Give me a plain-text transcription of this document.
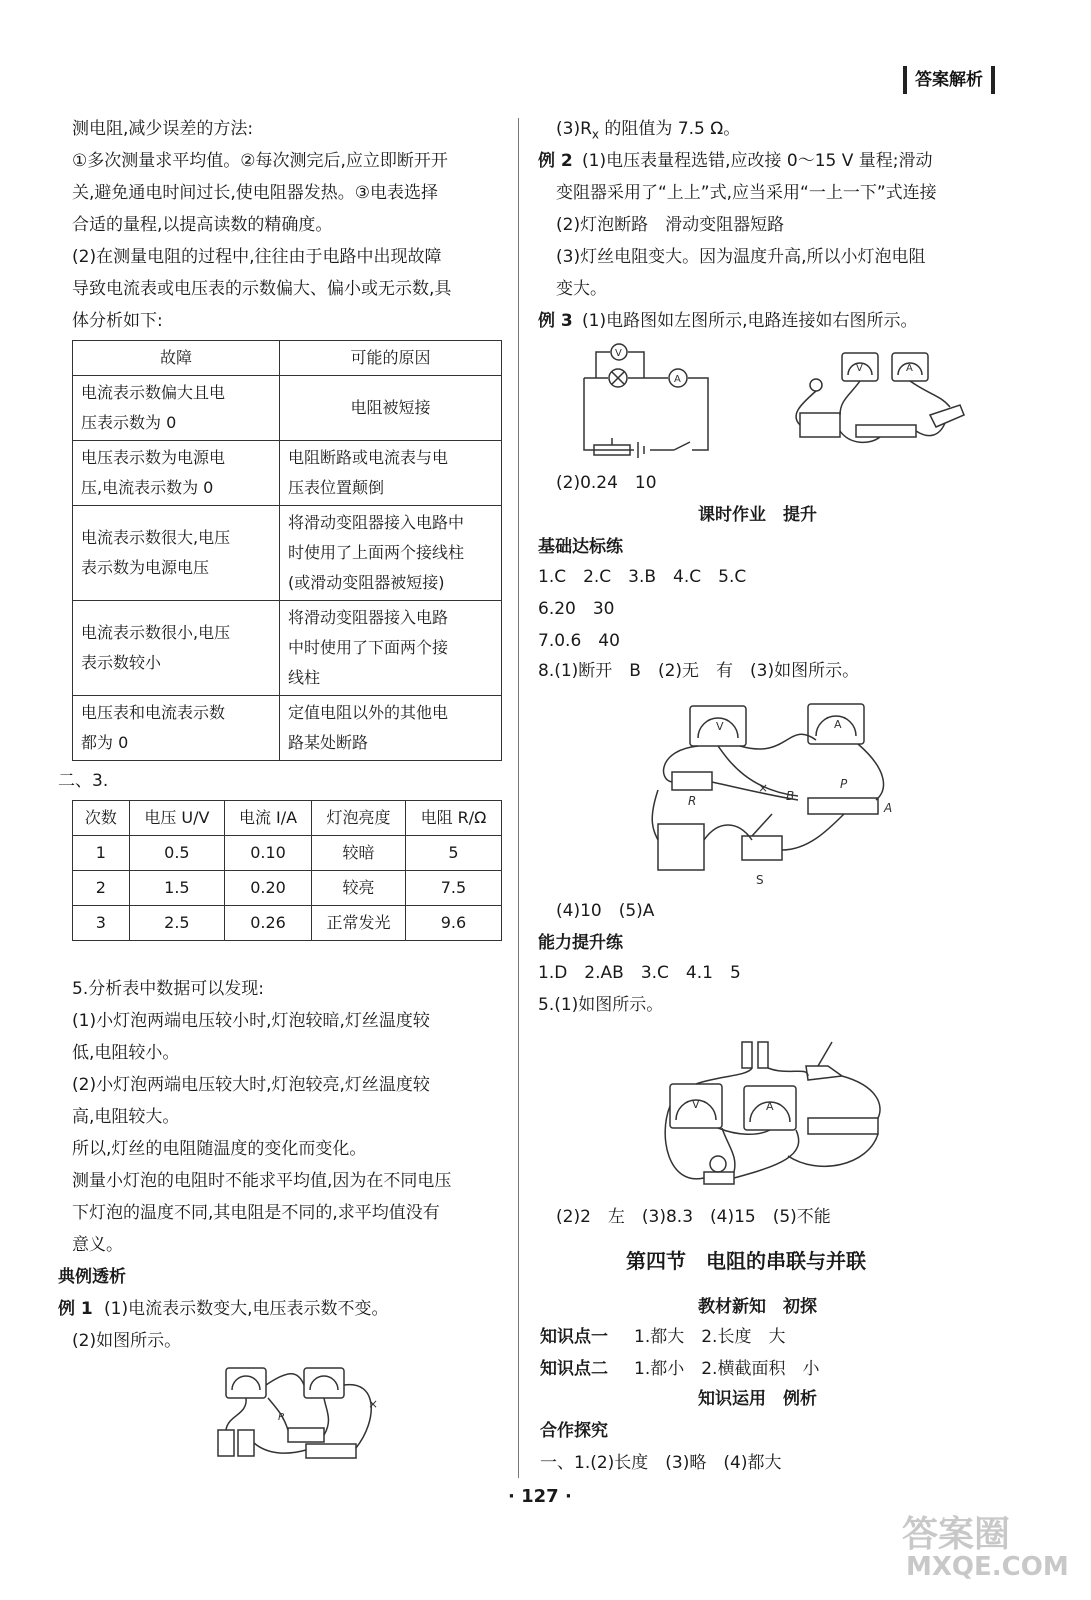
答案解析
测电阻,减少误差的方法:
①多次测量求平均值。②每次测完后,应立即断开开
关,避免通电时间过长,使电阻器发热。③电表选择
合适的量程,以提高读数的精确度。
(2)在测量电阻的过程中,往往由于电路中出现故障
导致电流表或电压表的示数偏大、偏小或无示数,具
体分析如下:
故障	可能的原因
电流表示数偏大且电
压表示数为 0	电阻被短接
电压表示数为电源电
压,电流表示数为 0	电阻断路或电流表与电
压表位置颠倒
电流表示数很大,电压
表示数为电源电压	将滑动变阻器接入电路中
时使用了上面两个接线柱
(或滑动变阻器被短接)
电流表示数很小,电压
表示数较小	将滑动变阻器接入电路
中时使用了下面两个接
线柱
电压表和电流表示数
都为 0	定值电阻以外的其他电
路某处断路
二、3.
次数	电压 U/V	电流 I/A	灯泡亮度	电阻 R/Ω
1	0.5	0.10	较暗	5
2	1.5	0.20	较亮	7.5
3	2.5	0.26	正常发光	9.6
5.分析表中数据可以发现:
(1)小灯泡两端电压较小时,灯泡较暗,灯丝温度较
低,电阻较小。
(2)小灯泡两端电压较大时,灯泡较亮,灯丝温度较
高,电阻较大。
所以,灯丝的电阻随温度的变化而变化。
测量小灯泡的电阻时不能求平均值,因为在不同电压
下灯泡的温度不同,其电阻是不同的,求平均值没有
意义。
典例透析
例 1 (1)电流表示数变大,电压表示数不变。
(2)如图所示。
R
×
$(3)R_x$ 的阻值为 7.5 Ω。
例 2 (1)电压表量程选错,应改接 0～15 V 量程;滑动
变阻器采用了“上上”式,应当采用“一上一下”式连接
(2)灯泡断路　滑动变阻器短路
(3)灯丝电阻变大。因为温度升高,所以小灯泡电阻
变大。
例 3 (1)电路图如左图所示,电路连接如右图所示。
V
A
V	A
(2)0.24　10
课时作业　提升
基础达标练
1.C　2.C　3.B　4.C　5.C
6.20　30
7.0.6　40
8.(1)断开　B　(2)无　有　(3)如图所示。
V	A
R
×
B
P
A
S
(4)10　(5)A
能力提升练
1.D　2.AB　3.C　4.1　5
5.(1)如图所示。
V	A
(2)2　左　(3)8.3　(4)15　(5)不能
第四节　电阻的串联与并联
教材新知　初探
知识点一 1.都大　2.长度　大
知识点二 1.都小　2.横截面积　小
知识运用　例析
合作探究
一、1.(2)长度　(3)略　(4)都大
· 127 ·
答案圈
MXQE.COM
